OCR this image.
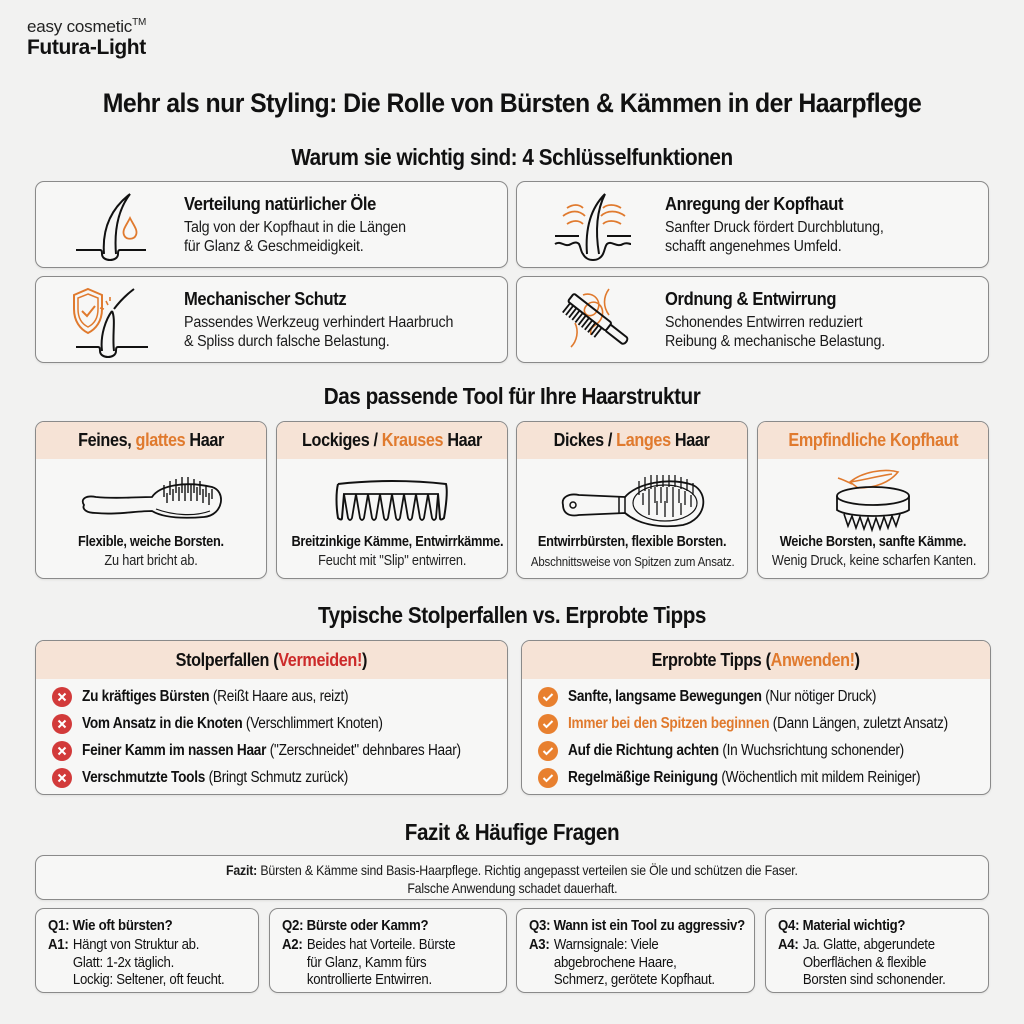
easy cosmetic™
Futura-Light
Mehr als nur Styling: Die Rolle von Bürsten & Kämmen in der Haarpflege
Warum sie wichtig sind: 4 Schlüsselfunktionen
Verteilung natürlicher Öle
Talg von der Kopfhaut in die Längen
für Glanz & Geschmeidigkeit.
Anregung der Kopfhaut
Sanfter Druck fördert Durchblutung,
schafft angenehmes Umfeld.
Mechanischer Schutz
Passendes Werkzeug verhindert Haarbruch
& Spliss durch falsche Belastung.
Ordnung & Entwirrung
Schonendes Entwirren reduziert
Reibung & mechanische Belastung.
Das passende Tool für Ihre Haarstruktur
Feines, glattes Haar
Flexible, weiche Borsten.
Zu hart bricht ab.
Lockiges / Krauses Haar
Breitzinkige Kämme, Entwirrkämme.
Feucht mit "Slip" entwirren.
Dickes / Langes Haar
Entwirrbürsten, flexible Borsten.
Abschnittsweise von Spitzen zum Ansatz.
Empfindliche Kopfhaut
Weiche Borsten, sanfte Kämme.
Wenig Druck, keine scharfen Kanten.
Typische Stolperfallen vs. Erprobte Tipps
Stolperfallen (Vermeiden!)
Zu kräftiges Bürsten (Reißt Haare aus, reizt)
Vom Ansatz in die Knoten (Verschlimmert Knoten)
Feiner Kamm im nassen Haar ("Zerschneidet" dehnbares Haar)
Verschmutzte Tools (Bringt Schmutz zurück)
Erprobte Tipps (Anwenden!)
Sanfte, langsame Bewegungen (Nur nötiger Druck)
Immer bei den Spitzen beginnen (Dann Längen, zuletzt Ansatz)
Auf die Richtung achten (In Wuchsrichtung schonender)
Regelmäßige Reinigung (Wöchentlich mit mildem Reiniger)
Fazit & Häufige Fragen
Fazit: Bürsten & Kämme sind Basis-Haarpflege. Richtig angepasst verteilen sie Öle und schützen die Faser.
Falsche Anwendung schadet dauerhaft.
Q1: Wie oft bürsten?
A1: Hängt von Struktur ab.
Glatt: 1-2x täglich.
Lockig: Seltener, oft feucht.
Q2: Bürste oder Kamm?
A2: Beides hat Vorteile. Bürste
für Glanz, Kamm fürs
kontrollierte Entwirren.
Q3: Wann ist ein Tool zu aggressiv?
A3: Warnsignale: Viele
abgebrochene Haare,
Schmerz, gerötete Kopfhaut.
Q4: Material wichtig?
A4: Ja. Glatte, abgerundete
Oberflächen & flexible
Borsten sind schonender.
